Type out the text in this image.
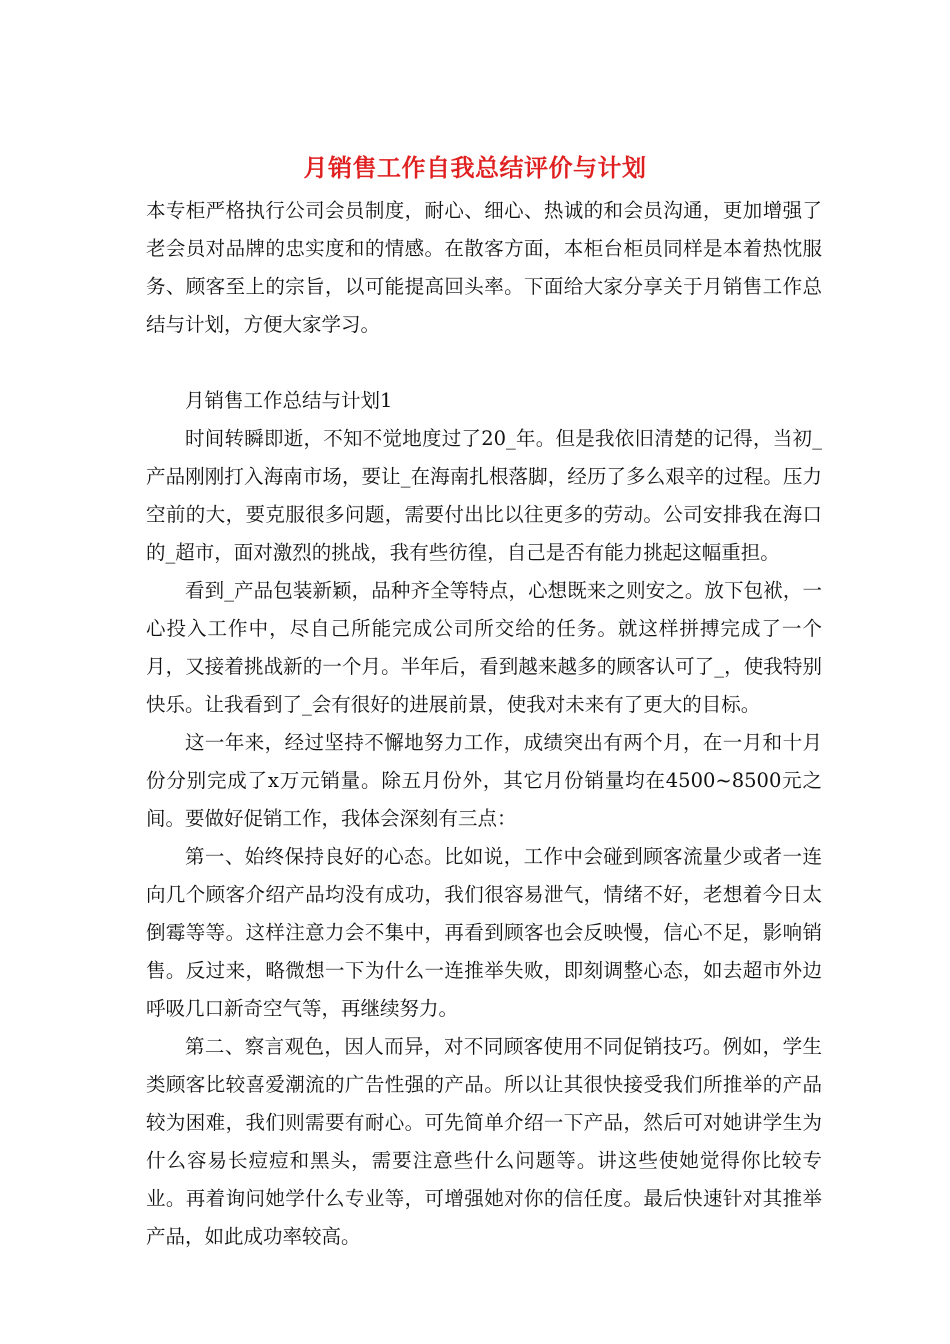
月销售工作自我总结评价与计划

本专柜严格执行公司会员制度，耐心、细心、热诚的和会员沟通，更加增强了老会员对品牌的忠实度和的情感。在散客方面，本柜台柜员同样是本着热忱服务、顾客至上的宗旨，以可能提高回头率。下面给大家分享关于月销售工作总结与计划，方便大家学习。

月销售工作总结与计划1

时间转瞬即逝，不知不觉地度过了20_年。但是我依旧清楚的记得，当初_产品刚刚打入海南市场，要让_在海南扎根落脚，经历了多么艰辛的过程。压力空前的大，要克服很多问题，需要付出比以往更多的劳动。公司安排我在海口的_超市，面对激烈的挑战，我有些彷徨，自己是否有能力挑起这幅重担。

看到_产品包装新颖，品种齐全等特点，心想既来之则安之。放下包袱，一心投入工作中，尽自己所能完成公司所交给的任务。就这样拼搏完成了一个月，又接着挑战新的一个月。半年后，看到越来越多的顾客认可了_，使我特别快乐。让我看到了_会有很好的进展前景，使我对未来有了更大的目标。

这一年来，经过坚持不懈地努力工作，成绩突出有两个月，在一月和十月份分别完成了x万元销量。除五月份外，其它月份销量均在4500~8500元之间。要做好促销工作，我体会深刻有三点：

第一、始终保持良好的心态。比如说，工作中会碰到顾客流量少或者一连向几个顾客介绍产品均没有成功，我们很容易泄气，情绪不好，老想着今日太倒霉等等。这样注意力会不集中，再看到顾客也会反映慢，信心不足，影响销售。反过来，略微想一下为什么一连推举失败，即刻调整心态，如去超市外边呼吸几口新奇空气等，再继续努力。

第二、察言观色，因人而异，对不同顾客使用不同促销技巧。例如，学生类顾客比较喜爱潮流的广告性强的产品。所以让其很快接受我们所推举的产品较为困难，我们则需要有耐心。可先简单介绍一下产品，然后可对她讲学生为什么容易长痘痘和黑头，需要注意些什么问题等。讲这些使她觉得你比较专业。再着询问她学什么专业等，可增强她对你的信任度。最后快速针对其推举产品，如此成功率较高。
